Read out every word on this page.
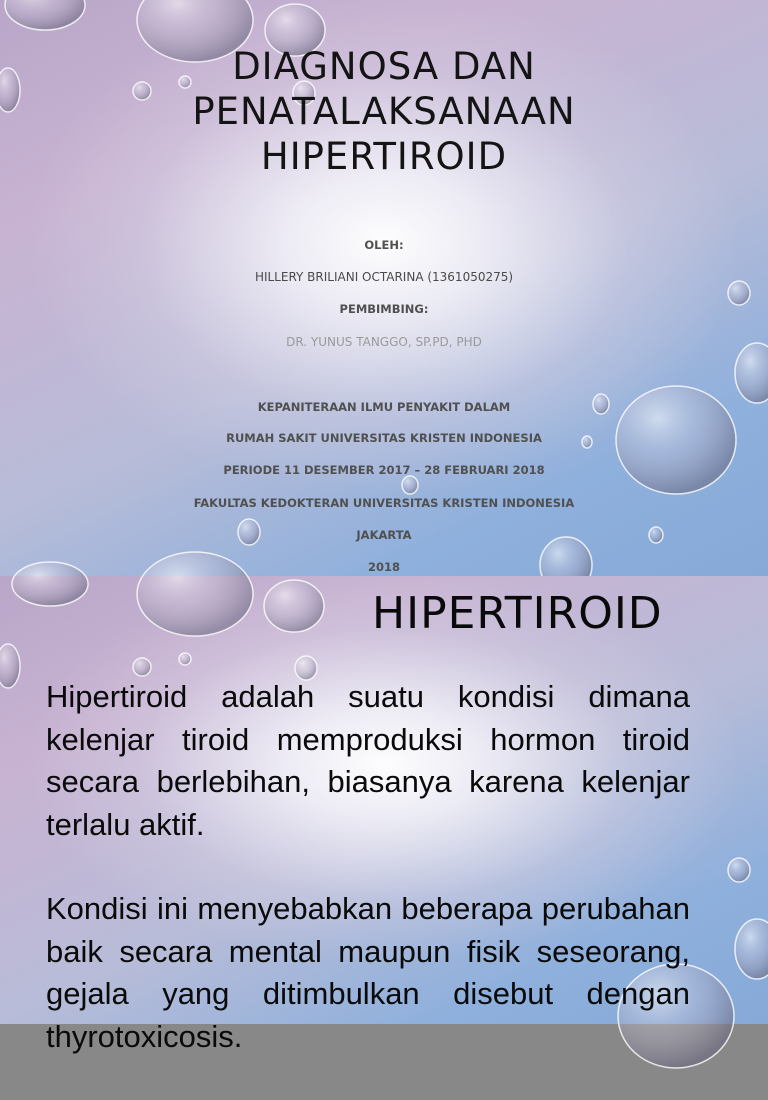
DIAGNOSA DAN
PENATALAKSANAAN
HIPERTIROID

OLEH:

HILLERY BRILIANI OCTARINA (1361050275)

PEMBIMBING:

DR. YUNUS TANGGO, SP.PD, PHD

KEPANITERAAN ILMU PENYAKIT DALAM

RUMAH SAKIT UNIVERSITAS KRISTEN INDONESIA

PERIODE 11 DESEMBER 2017 – 28 FEBRUARI 2018

FAKULTAS KEDOKTERAN UNIVERSITAS KRISTEN INDONESIA

JAKARTA

2018

HIPERTIROID

Hipertiroid adalah suatu kondisi dimana kelenjar tiroid memproduksi hormon tiroid secara berlebihan, biasanya karena kelenjar terlalu aktif.

Kondisi ini menyebabkan beberapa perubahan baik secara mental maupun fisik seseorang, gejala yang ditimbulkan disebut dengan thyrotoxicosis.
